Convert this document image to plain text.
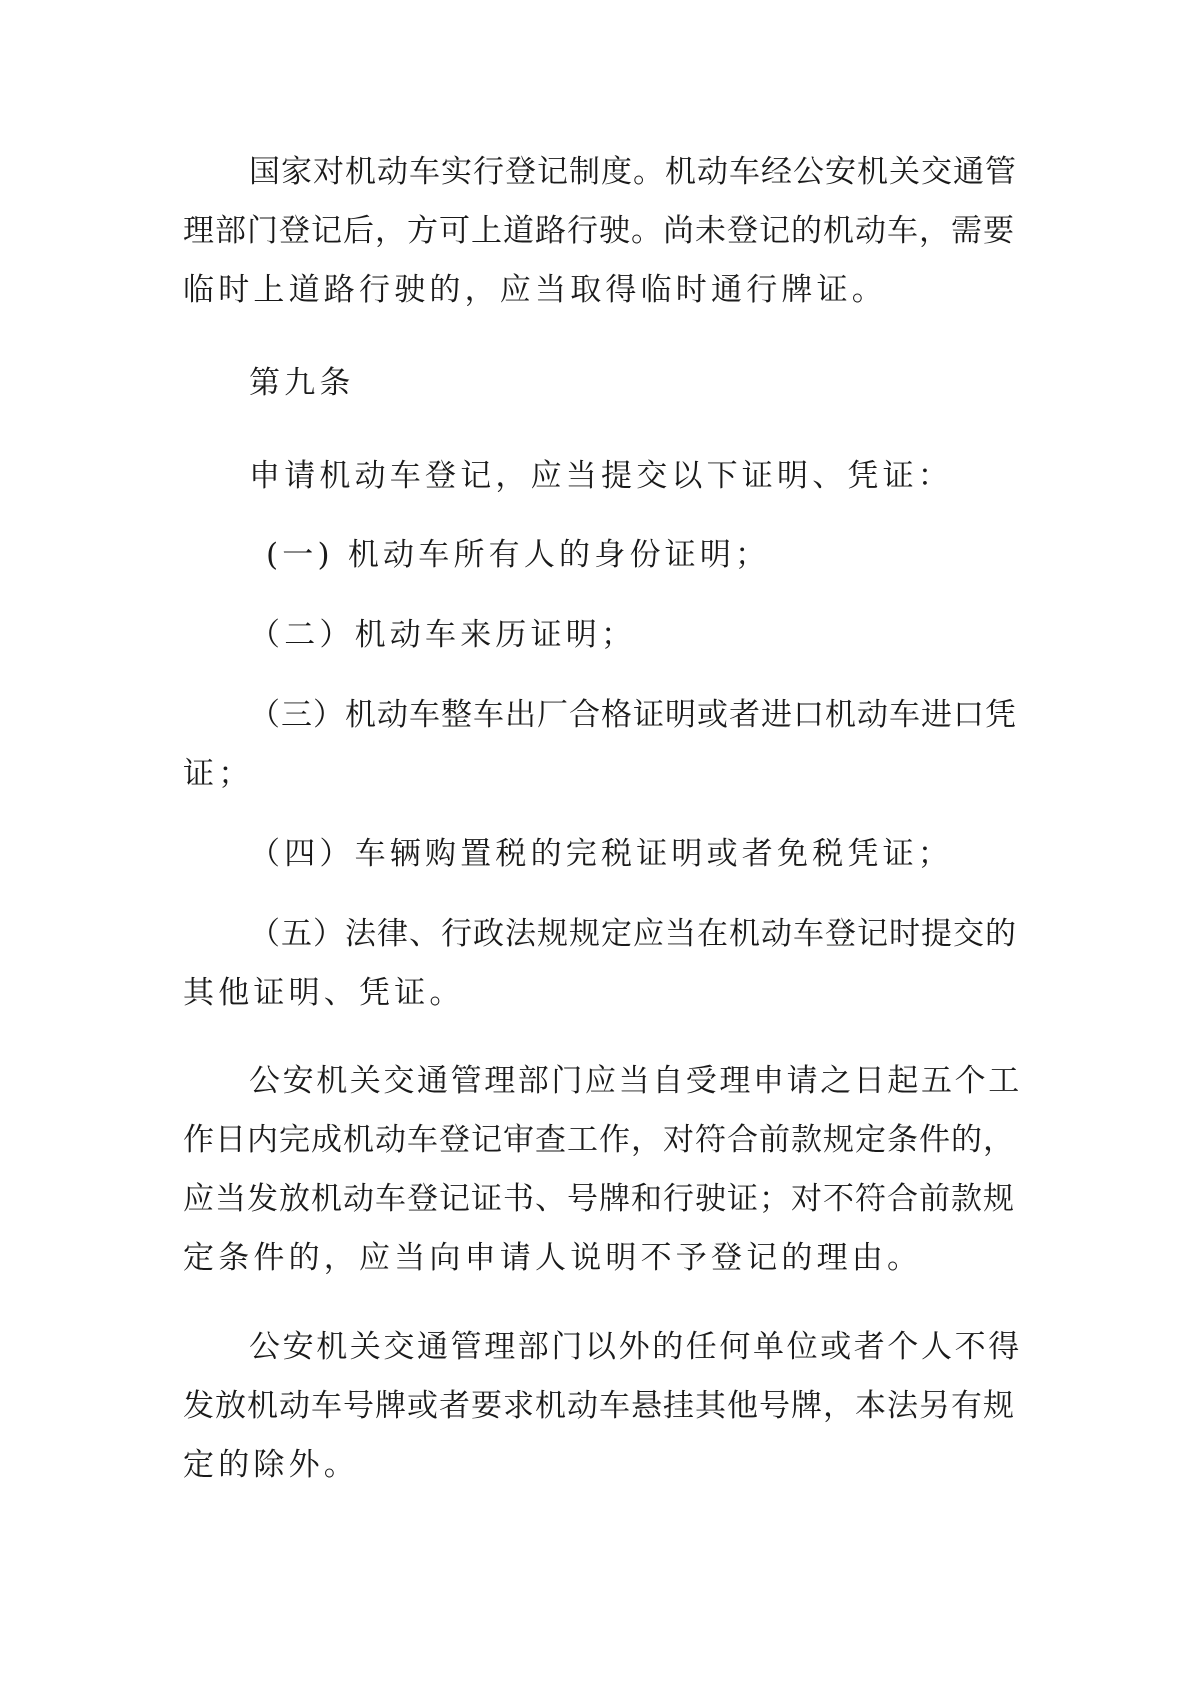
国家对机动车实行登记制度。机动车经公安机关交通管
理部门登记后，方可上道路行驶。尚未登记的机动车，需要
临时上道路行驶的，应当取得临时通行牌证。

第九条

申请机动车登记，应当提交以下证明、凭证：

(一) 机动车所有人的身份证明；

（二）机动车来历证明；

（三）机动车整车出厂合格证明或者进口机动车进口凭
证；

（四）车辆购置税的完税证明或者免税凭证；

（五）法律、行政法规规定应当在机动车登记时提交的
其他证明、凭证。

公安机关交通管理部门应当自受理申请之日起五个工
作日内完成机动车登记审查工作，对符合前款规定条件的，
应当发放机动车登记证书、号牌和行驶证；对不符合前款规
定条件的，应当向申请人说明不予登记的理由。

公安机关交通管理部门以外的任何单位或者个人不得
发放机动车号牌或者要求机动车悬挂其他号牌，本法另有规
定的除外。
